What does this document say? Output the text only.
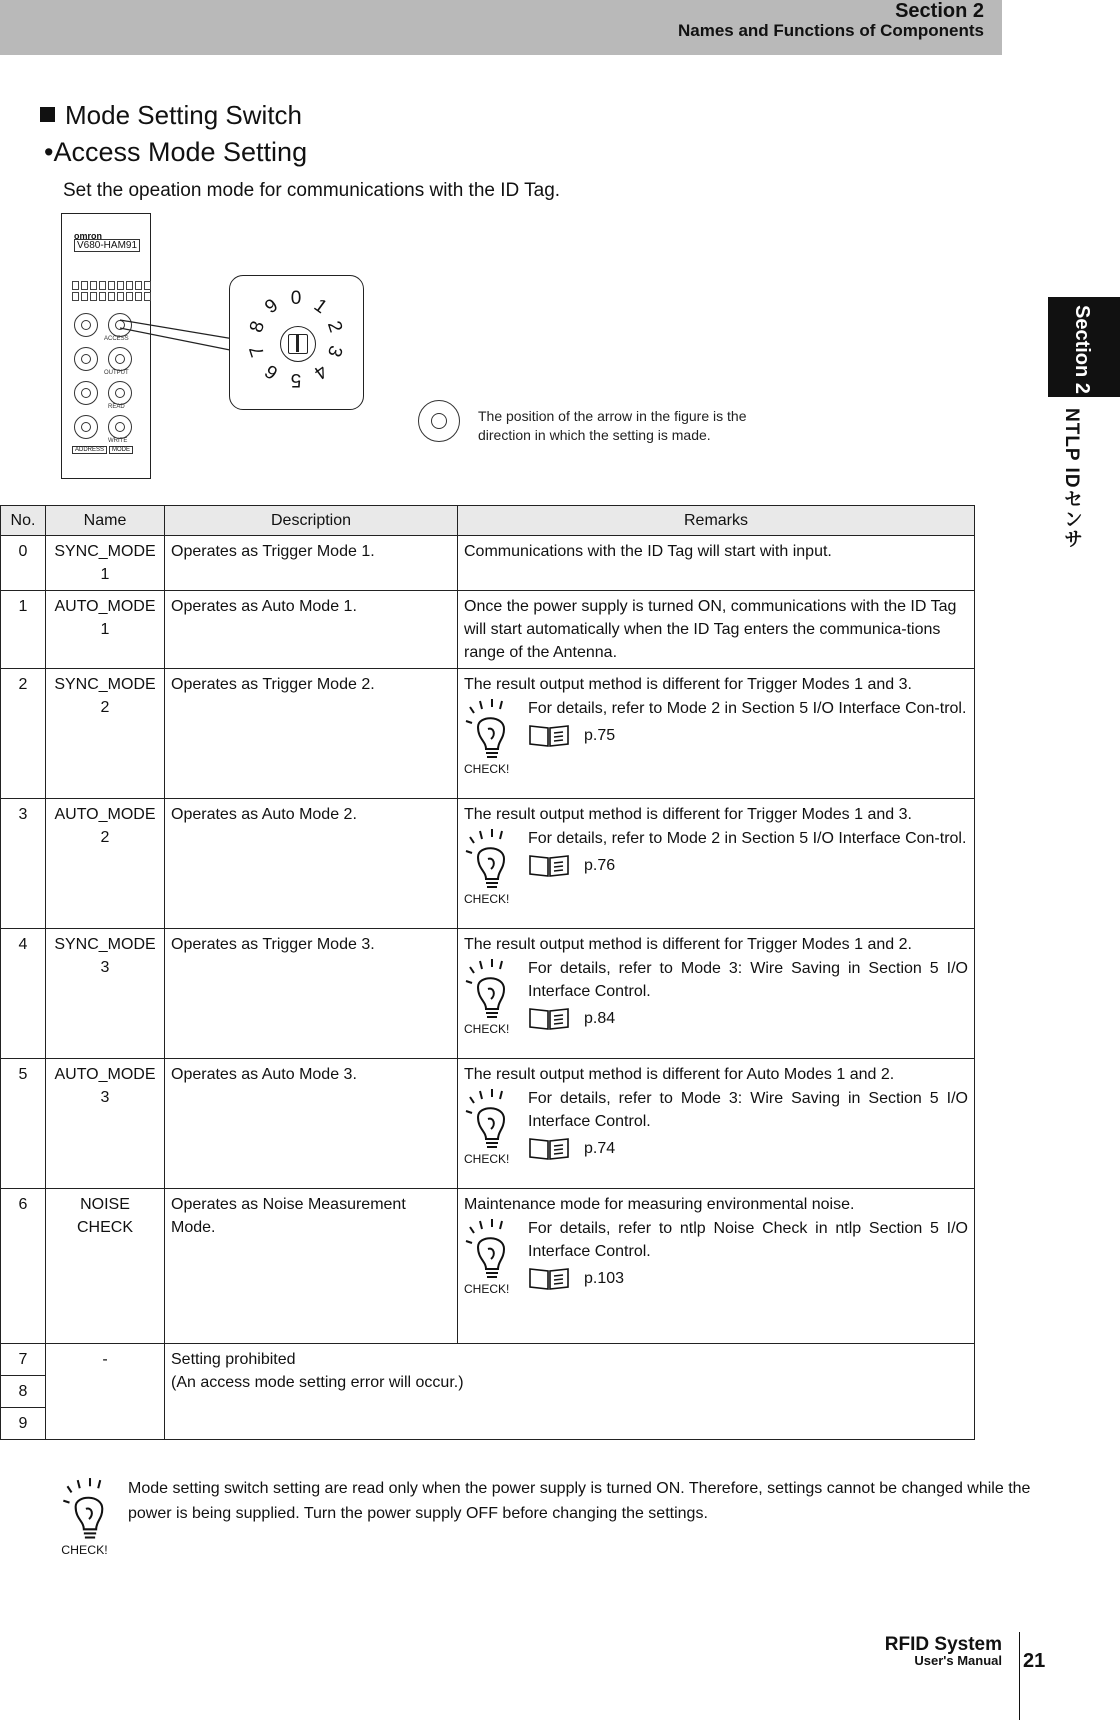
Section 2
Names and Functions of Components
Section 2
NTLP IDセンサ
Mode Setting Switch
•Access Mode Setting
Set the opeation mode for communications with the ID Tag.
omron
V680-HAM91
ACCESS
OUTPUT
READ
WRITE
ADDRESS	MODE
0 1
2
3
4
5
6
7
8
9
The position of the arrow in the figure is the direction in which the setting is made.
No.	Name	Description	Remarks
0	SYNC_MODE 1	Operates as Trigger Mode 1.	Communications with the ID Tag will start with input.
1	AUTO_MODE 1	Operates as Auto Mode 1.	Once the power supply is turned ON, communications with the ID Tag will start automatically when the ID Tag enters the communica-tions range of the Antenna.
2	SYNC_MODE 2	Operates as Trigger Mode 2.	The result output method is different for Trigger Modes 1 and 3.
CHECK!
For details, refer to Mode 2 in Section 5 I/O Interface Con-trol.
p.75

3	AUTO_MODE 2	Operates as Auto Mode 2.	The result output method is different for Trigger Modes 1 and 3.
CHECK!
For details, refer to Mode 2 in Section 5 I/O Interface Con-trol.
p.76

4	SYNC_MODE 3	Operates as Trigger Mode 3.	The result output method is different for Trigger Modes 1 and 2.
CHECK!
For details, refer to Mode 3: Wire Saving in Section 5 I/O Interface Control.
p.84

5	AUTO_MODE 3	Operates as Auto Mode 3.	The result output method is different for Auto Modes 1 and 2.
CHECK!
For details, refer to Mode 3: Wire Saving in Section 5 I/O Interface Control.
p.74

6	NOISE CHECK	Operates as Noise Measurement Mode.	Maintenance mode for measuring environmental noise.
CHECK!
For details, refer to ntlp Noise Check in ntlp Section 5 I/O Interface Control.
p.103

7	-	Setting prohibited
(An access mode setting error will occur.)	

8			
9			
CHECK!
Mode setting switch setting are read only when the power supply is turned ON. Therefore, settings cannot be changed while the power is being supplied. Turn the power supply OFF before changing the settings.
RFID System
User's Manual 21
